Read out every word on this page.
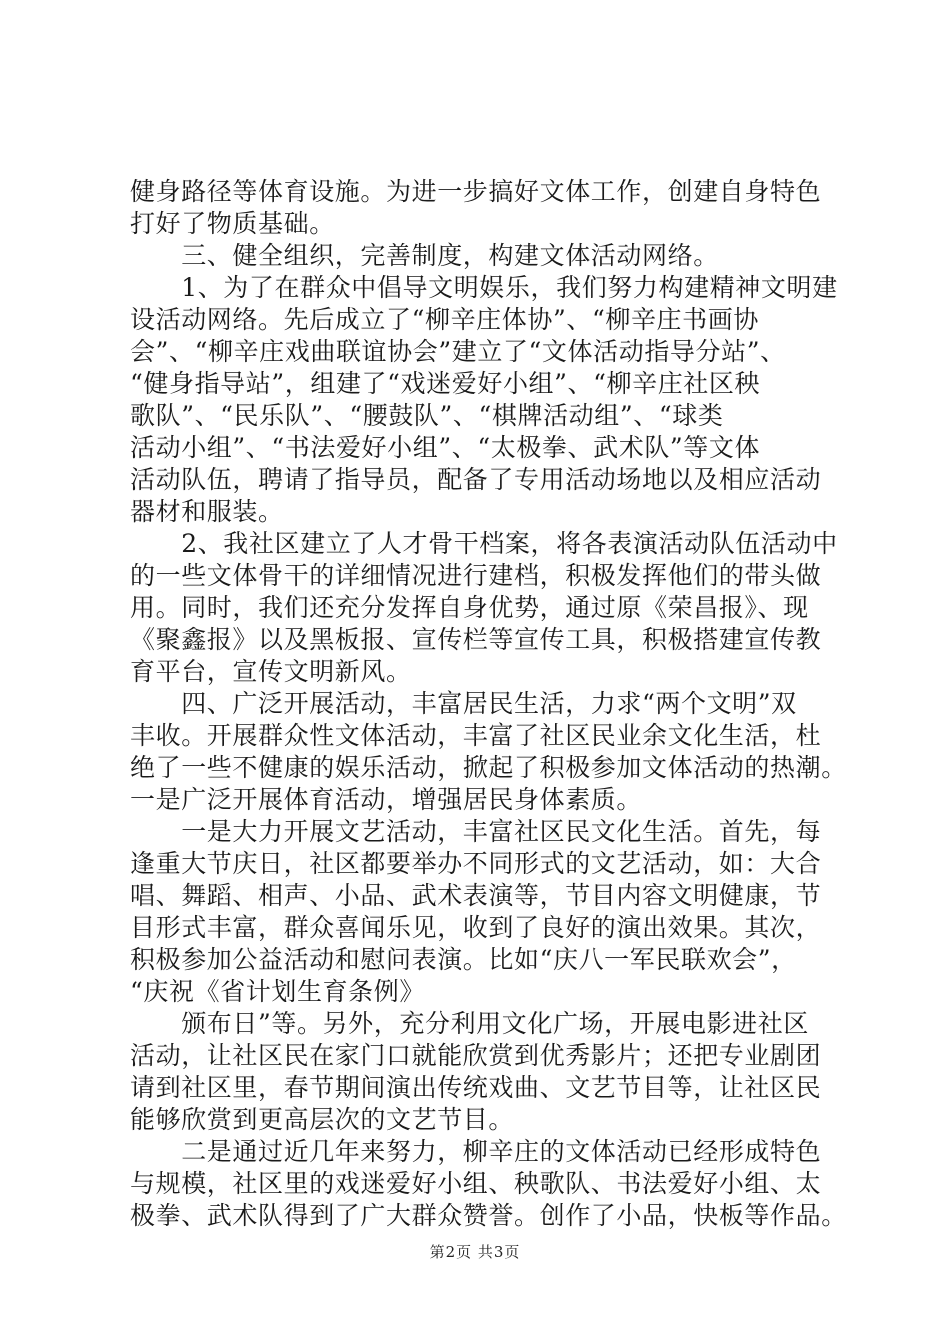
健身路径等体育设施。为进一步搞好文体工作，创建自身特色
打好了物质基础。
　　三、健全组织，完善制度，构建文体活动网络。
　　1、为了在群众中倡导文明娱乐，我们努力构建精神文明建
设活动网络。先后成立了“柳辛庄体协”、“柳辛庄书画协
会”、“柳辛庄戏曲联谊协会”建立了“文体活动指导分站”、
“健身指导站”，组建了“戏迷爱好小组”、“柳辛庄社区秧
歌队”、“民乐队”、“腰鼓队”、“棋牌活动组”、“球类
活动小组”、“书法爱好小组”、“太极拳、武术队”等文体
活动队伍，聘请了指导员，配备了专用活动场地以及相应活动
器材和服装。
　　2、我社区建立了人才骨干档案，将各表演活动队伍活动中
的一些文体骨干的详细情况进行建档，积极发挥他们的带头做
用。同时，我们还充分发挥自身优势，通过原《荣昌报》、现
《聚鑫报》以及黑板报、宣传栏等宣传工具，积极搭建宣传教
育平台，宣传文明新风。
　　四、广泛开展活动，丰富居民生活，力求“两个文明”双
丰收。开展群众性文体活动，丰富了社区民业余文化生活，杜
绝了一些不健康的娱乐活动，掀起了积极参加文体活动的热潮。
一是广泛开展体育活动，增强居民身体素质。
　　一是大力开展文艺活动，丰富社区民文化生活。首先，每
逢重大节庆日，社区都要举办不同形式的文艺活动，如：大合
唱、舞蹈、相声、小品、武术表演等，节目内容文明健康，节
目形式丰富，群众喜闻乐见，收到了良好的演出效果。其次，
积极参加公益活动和慰问表演。比如“庆八一军民联欢会”，
“庆祝《省计划生育条例》
　　颁布日”等。另外，充分利用文化广场，开展电影进社区
活动，让社区民在家门口就能欣赏到优秀影片；还把专业剧团
请到社区里，春节期间演出传统戏曲、文艺节目等，让社区民
能够欣赏到更高层次的文艺节目。
　　二是通过近几年来努力，柳辛庄的文体活动已经形成特色
与规模，社区里的戏迷爱好小组、秧歌队、书法爱好小组、太
极拳、武术队得到了广大群众赞誉。创作了小品，快板等作品。
第2页 共3页
